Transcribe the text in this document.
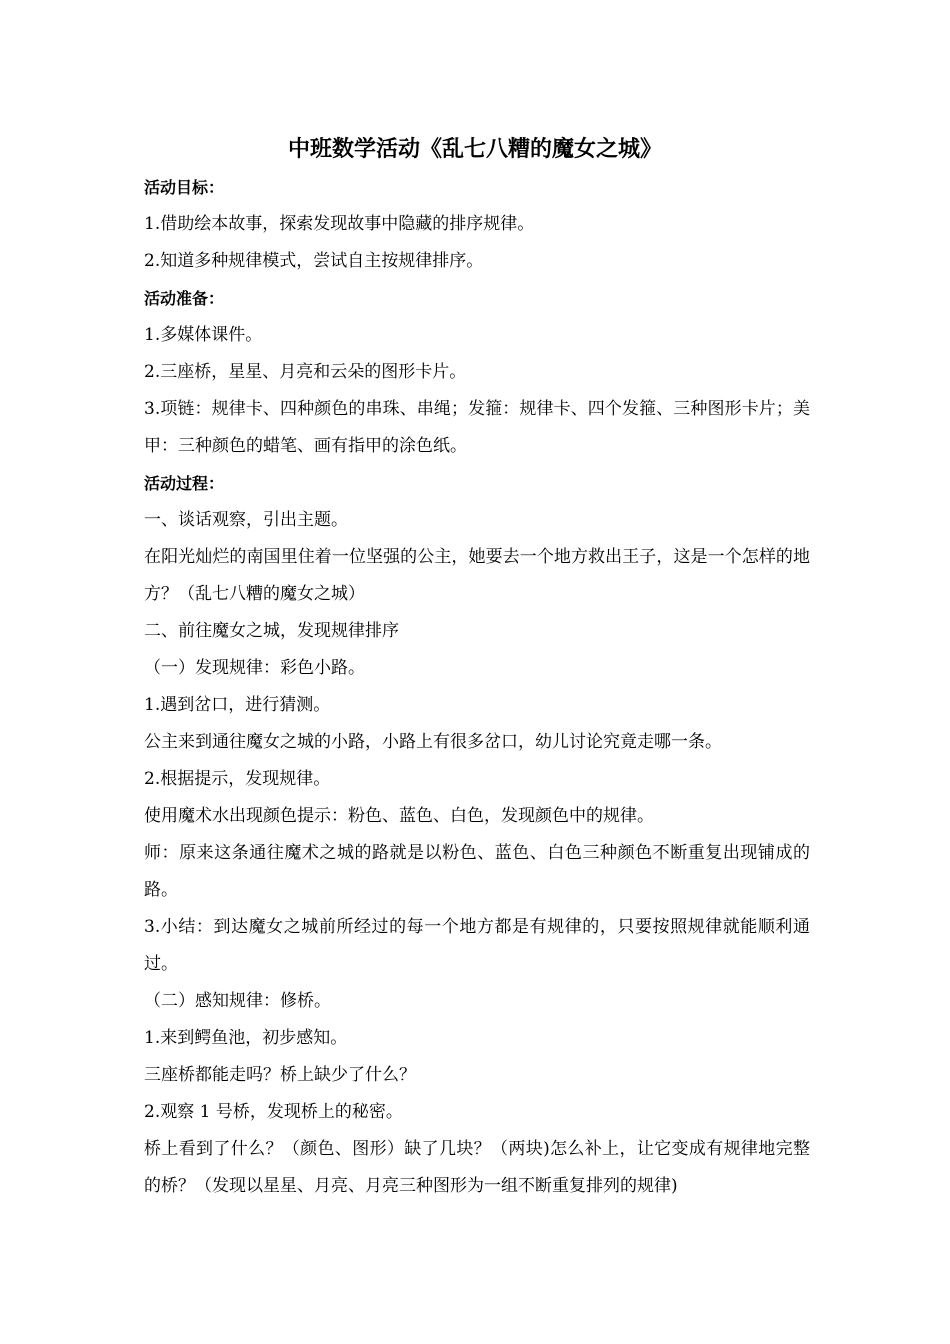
中班数学活动《乱七八糟的魔女之城》

活动目标：

1.借助绘本故事，探索发现故事中隐藏的排序规律。

2.知道多种规律模式，尝试自主按规律排序。

活动准备：

1.多媒体课件。

2.三座桥，星星、月亮和云朵的图形卡片。

3.项链：规律卡、四种颜色的串珠、串绳；发箍：规律卡、四个发箍、三种图形卡片；美甲：三种颜色的蜡笔、画有指甲的涂色纸。

活动过程：

一、谈话观察，引出主题。

在阳光灿烂的南国里住着一位坚强的公主，她要去一个地方救出王子，这是一个怎样的地方？（乱七八糟的魔女之城）

二、前往魔女之城，发现规律排序

（一）发现规律：彩色小路。

1.遇到岔口，进行猜测。

公主来到通往魔女之城的小路，小路上有很多岔口，幼儿讨论究竟走哪一条。

2.根据提示，发现规律。

使用魔术水出现颜色提示：粉色、蓝色、白色，发现颜色中的规律。

师：原来这条通往魔术之城的路就是以粉色、蓝色、白色三种颜色不断重复出现铺成的路。

3.小结：到达魔女之城前所经过的每一个地方都是有规律的，只要按照规律就能顺利通过。

（二）感知规律：修桥。

1.来到鳄鱼池，初步感知。

三座桥都能走吗？桥上缺少了什么？

2.观察 1 号桥，发现桥上的秘密。

桥上看到了什么？（颜色、图形）缺了几块？（两块)怎么补上，让它变成有规律地完整的桥？（发现以星星、月亮、月亮三种图形为一组不断重复排列的规律)
